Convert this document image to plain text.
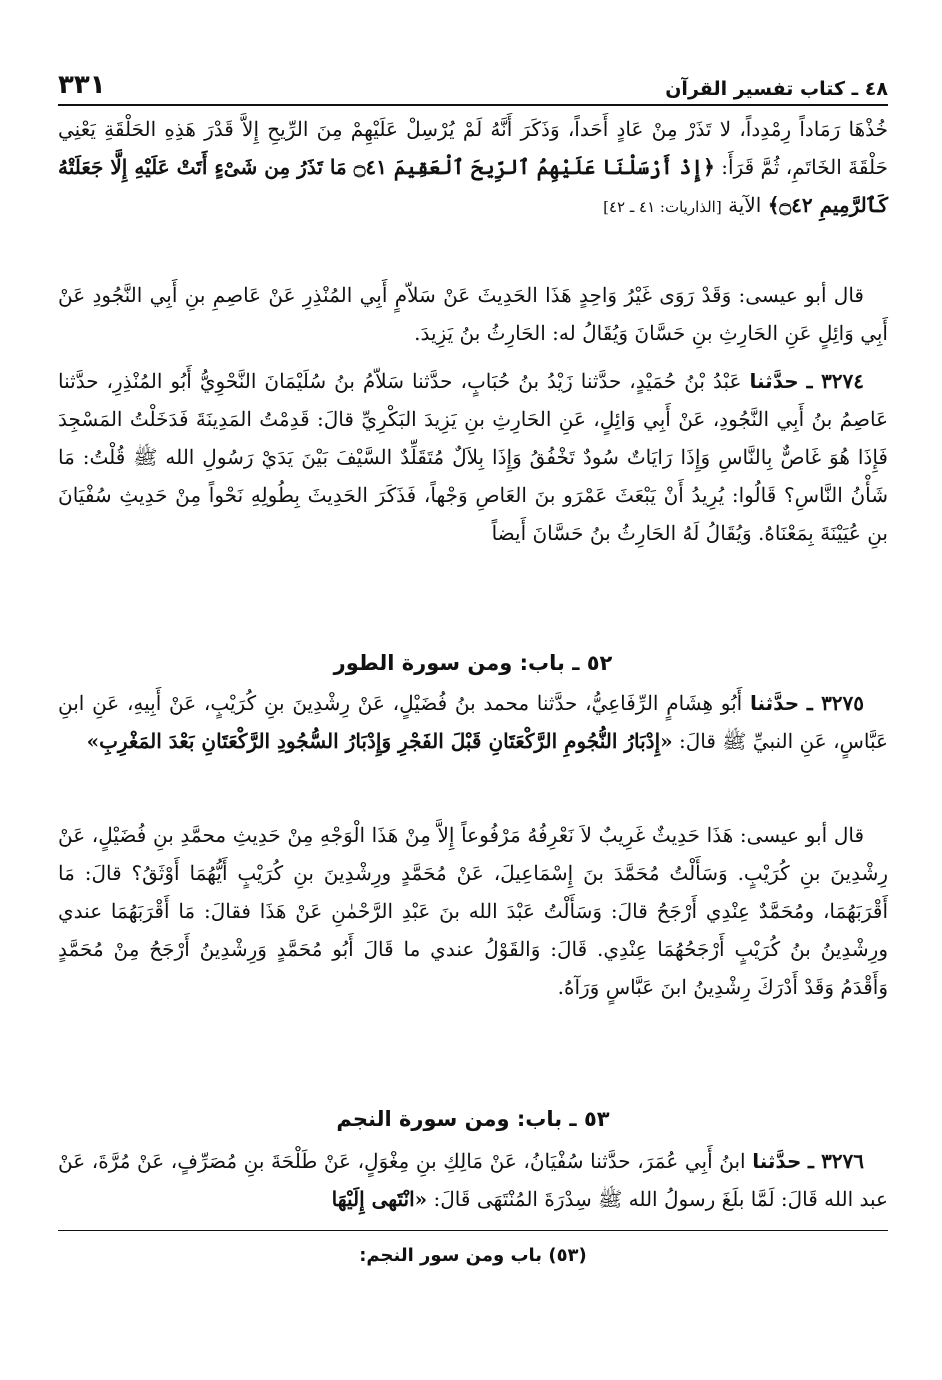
٤٨ ـ كتاب تفسير القرآن
٣٣١

خُذْهَا رَمَاداً رِمْدِداً، لا تَذَرْ مِنْ عَادٍ أَحَداً، وَذَكَرَ أَنَّهُ لَمْ يُرْسِلْ عَلَيْهِمْ مِنَ الرِّيحِ إِلاَّ قَدْرَ هَذِهِ الحَلْقَةِ يَعْنِي حَلْقَةَ الخَاتَمِ، ثُمَّ قَرَأَ: ﴿إِذْ أَرْسَلْنَا عَلَيْهِمُ ٱلرِّيحَ ٱلْعَقِيمَ ۝٤١ مَا تَذَرُ مِن شَىْءٍ أَتَتْ عَلَيْهِ إِلَّا جَعَلَتْهُ كَٱلرَّمِيمِ ۝٤٢﴾ الآية [الذاريات: ٤١ ـ ٤٢]

قال أبو عيسى: وَقَدْ رَوَى غَيْرُ وَاحِدٍ هَذَا الحَدِيثَ عَنْ سَلاّمٍ أَبِي المُنْذِرِ عَنْ عَاصِمِ بنِ أَبِي النَّجُودِ عَنْ أَبِي وَائِلٍ عَنِ الحَارِثِ بنِ حَسَّانَ وَيُقَالُ له: الحَارِثُ بنُ يَزِيدَ.

٣٢٧٤ ـ حدَّثنا عَبْدُ بْنُ حُمَيْدٍ، حدَّثنا زَيْدُ بنُ حُبَابٍ، حدَّثنا سَلاّمُ بنُ سُلَيْمَانَ النَّحْوِيُّ أَبُو المُنْذِرِ، حدَّثنا عَاصِمُ بنُ أَبِي النَّجُودِ، عَنْ أَبِي وَائِلٍ، عَنِ الحَارِثِ بنِ يَزِيدَ البَكْرِيِّ قالَ: قَدِمْتُ المَدِينَةَ فَدَخَلْتُ المَسْجِدَ فَإِذَا هُوَ غَاصٌّ بِالنَّاسِ وَإِذَا رَايَاتٌ سُودٌ تَخْفُقُ وَإِذَا بِلاَلٌ مُتَقَلِّدٌ السَّيْفَ بَيْنَ يَدَيْ رَسُولِ الله ﷺ قُلْتُ: مَا شَأْنُ النَّاسِ؟ قَالُوا: يُرِيدُ أَنْ يَبْعَثَ عَمْرَو بنَ العَاصِ وَجْهاً، فَذَكَرَ الحَدِيثَ بِطُولِهِ نَحْواً مِنْ حَدِيثِ سُفْيَانَ بنِ عُيَيْنَةَ بِمَعْنَاهُ. وَيُقَالُ لَهُ الحَارِثُ بنُ حَسَّانَ أَيضاً

٥٢ ـ باب: ومن سورة الطور

٣٢٧٥ ـ حدَّثنا أَبُو هِشَامٍ الرِّفَاعِيُّ، حدَّثنا محمد بنُ فُضَيْلٍ، عَنْ رِشْدِينَ بنِ كُرَيْبٍ، عَنْ أَبِيهِ، عَنِ ابنِ عَبَّاسٍ، عَنِ النبيِّ ﷺ قالَ: «إِدْبَارُ النُّجُومِ الرَّكْعَتَانِ قَبْلَ الفَجْرِ وَإِدْبَارُ السُّجُودِ الرَّكْعَتَانِ بَعْدَ المَغْرِبِ»

قال أبو عيسى: هَذَا حَدِيثٌ غَرِيبٌ لاَ نَعْرِفُهُ مَرْفُوعاً إِلاَّ مِنْ هَذَا الْوَجْهِ مِنْ حَدِيثِ محمَّدِ بنِ فُضَيْلٍ، عَنْ رِشْدِينَ بنِ كُرَيْبٍ. وَسَأَلْتُ مُحَمَّدَ بنَ إِسْمَاعِيلَ، عَنْ مُحَمَّدٍ ورِشْدِينَ بنِ كُرَيْبٍ أَيُّهُمَا أَوْثَقُ؟ قالَ: مَا أَقْرَبَهُمَا، ومُحَمَّدٌ عِنْدِي أَرْجَحُ قالَ: وَسَأَلْتُ عَبْدَ الله بنَ عَبْدِ الرَّحْمٰنِ عَنْ هَذَا فقالَ: مَا أَقْرَبَهُمَا عندي ورِشْدِينُ بنُ كُرَيْبٍ أَرْجَحُهُمَا عِنْدِي. قَالَ: وَالقَوْلُ عندي ما قَالَ أَبُو مُحَمَّدٍ وَرِشْدِينُ أَرْجَحُ مِنْ مُحَمَّدٍ وَأَقْدَمُ وَقَدْ أَدْرَكَ رِشْدِينُ ابنَ عَبَّاسٍ وَرَآهُ.

٥٣ ـ باب: ومن سورة النجم

٣٢٧٦ ـ حدَّثنا ابنُ أَبِي عُمَرَ، حدَّثنا سُفْيَانُ، عَنْ مَالِكِ بنِ مِغْوَلٍ، عَنْ طَلْحَةَ بنِ مُصَرِّفٍ، عَنْ مُرَّةَ، عَنْ عبد الله قَالَ: لَمَّا بلَغَ رسولُ الله ﷺ سِدْرَةَ المُنْتَهَى قَالَ: «انْتَهى إِلَيْهَا

(٥٣) باب ومن سور النجم:
